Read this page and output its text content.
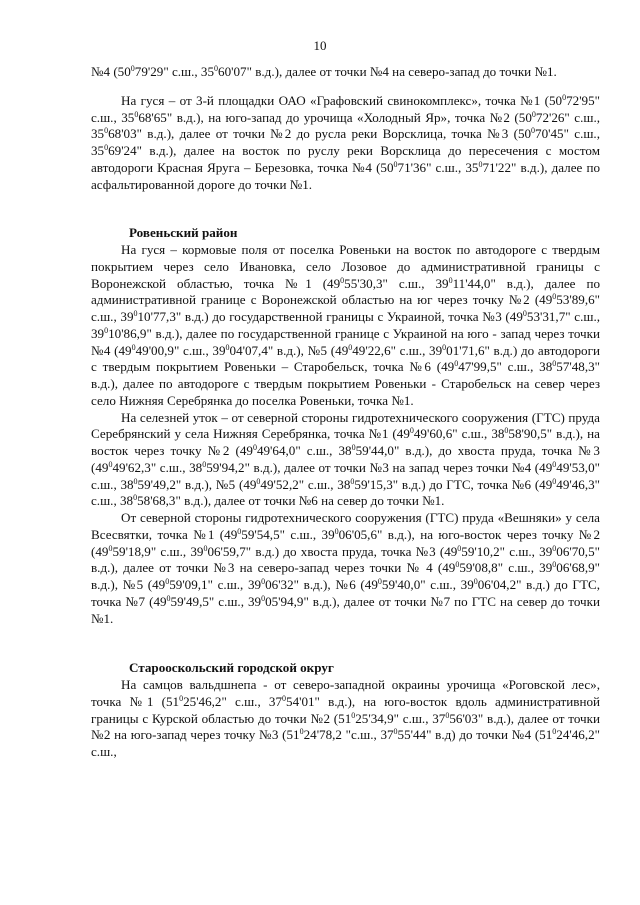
10

№4 ($50^079'29$" с.ш., $35^060'07$" в.д.), далее от точки №4 на северо-запад до точки №1.

На гуся – от 3-й площадки ОАО «Графовский свинокомплекс», точка №1 ($50^072'95$" с.ш., $35^068'65$" в.д.), на юго-запад до урочища «Холодный Яр», точка №2 ($50^072'26$" с.ш., $35^068'03$" в.д.), далее от точки №2 до русла реки Ворсклица, точка №3 ($50^070'45$" с.ш., $35^069'24$" в.д.), далее на восток по руслу реки Ворсклица до пересечения с мостом автодороги Красная Яруга – Березовка, точка №4 ($50^071'36$" с.ш., $35^071'22$" в.д.), далее по асфальтированной дороге до точки №1.

Ровеньский район

На гуся – кормовые поля от поселка Ровеньки на восток по автодороге с твердым покрытием через село Ивановка, село Лозовое до административной границы с Воронежской областью, точка №1 ($49^055'30,3$" с.ш., $39^011'44,0$" в.д.), далее по административной границе с Воронежской областью на юг через точку №2 ($49^053'89,6$" с.ш., $39^010'77,3$" в.д.) до государственной границы с Украиной, точка №3 ($49^053'31,7$" с.ш., $39^010'86,9$" в.д.), далее по государственной границе с Украиной на юго - запад через точки №4 ($49^049'00,9$" с.ш., $39^004'07,4$" в.д.), №5 ($49^049'22,6$" с.ш., $39^001'71,6$" в.д.) до автодороги с твердым покрытием Ровеньки – Старобельск, точка №6 ($49^047'99,5$" с.ш., $38^057'48,3$" в.д.), далее по автодороге с твердым покрытием Ровеньки - Старобельск на север через село Нижняя Серебрянка до поселка Ровеньки, точка №1.

На селезней уток – от северной стороны гидротехнического сооружения (ГТС) пруда Серебрянский у села Нижняя Серебрянка, точка №1 ($49^049'60,6$" с.ш., $38^058'90,5$" в.д.), на восток через точку №2 ($49^049'64,0$" с.ш., $38^059'44,0$" в.д.), до хвоста пруда, точка №3 ($49^049'62,3$" с.ш., $38^059'94,2$" в.д.), далее от точки №3 на запад через точки №4 ($49^049'53,0$" с.ш., $38^059'49,2$" в.д.), №5 ($49^049'52,2$" с.ш., $38^059'15,3$" в.д.) до ГТС, точка №6 ($49^049'46,3$" с.ш., $38^058'68,3$" в.д.), далее от точки №6 на север до точки №1.

От северной стороны гидротехнического сооружения (ГТС) пруда «Вешняки» у села Всесвятки, точка №1 ($49^059'54,5$" с.ш., $39^006'05,6$" в.д.), на юго-восток через точку №2 ($49^059'18,9$" с.ш., $39^006'59,7$" в.д.) до хвоста пруда, точка №3 ($49^059'10,2$" с.ш., $39^006'70,5$" в.д.), далее от точки №3 на северо-запад через точки № 4 ($49^059'08,8$" с.ш., $39^006'68,9$" в.д.), №5 ($49^059'09,1$" с.ш., $39^006'32$" в.д.), №6 ($49^059'40,0$" с.ш., $39^006'04,2$" в.д.) до ГТС, точка №7 ($49^059'49,5$" с.ш., $39^005'94,9$" в.д.), далее от точки №7 по ГТС на север до точки №1.

Старооскольский городской округ

На самцов вальдшнепа - от северо-западной окраины урочища «Роговской лес», точка №1 ($51^025'46,2$" с.ш., $37^054'01$" в.д.), на юго-восток вдоль административной границы с Курской областью до точки №2 ($51^025'34,9$" с.ш., $37^056'03$" в.д.), далее от точки №2 на юго-запад через точку №3 ($51^024'78,2$ "с.ш., $37^055'44$" в.д) до точки №4 ($51^024'46,2$" с.ш.,
